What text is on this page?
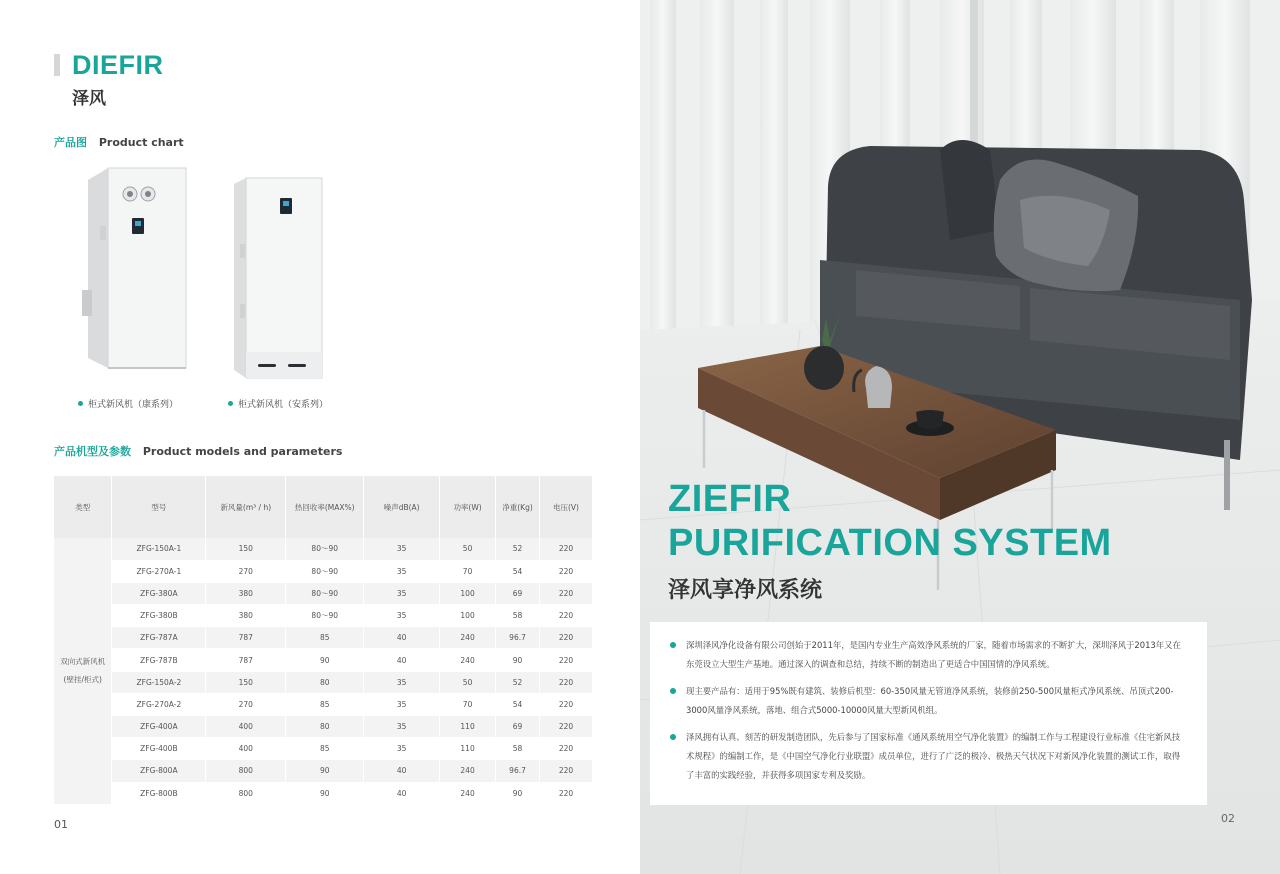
DIEFIR
泽风
产品图 Product chart
柜式新风机（康系列）	柜式新风机（安系列）
产品机型及参数 Product models and parameters
类型	型号	新风量(m³ / h)	热回收率(MAX%)	噪声dB(A)	功率(W)	净重(Kg)	电压(V)

双向式新风机
(壁挂/柜式)	ZFG-150A-1	150	80～90	35	50	52	220
	ZFG-270A-1	270	80～90	35	70	54	220
	ZFG-380A	380	80～90	35	100	69	220
	ZFG-380B	380	80～90	35	100	58	220
	ZFG-787A	787	85	40	240	96.7	220
	ZFG-787B	787	90	40	240	90	220
	ZFG-150A-2	150	80	35	50	52	220
	ZFG-270A-2	270	85	35	70	54	220
	ZFG-400A	400	80	35	110	69	220
	ZFG-400B	400	85	35	110	58	220
	ZFG-800A	800	90	40	240	96.7	220
	ZFG-800B	800	90	40	240	90	220
01
ZIEFIR
PURIFICATION SYSTEM
泽风享净风系统
深圳泽风净化设备有限公司创始于2011年，是国内专业生产高效净风系统的厂家，随着市场需求的不断扩大，深圳泽风于2013年又在东莞设立大型生产基地。通过深入的调查和总结，持续不断的制造出了更适合中国国情的净风系统。
现主要产品有：适用于95%既有建筑、装修后机型：60-350风量无管道净风系统，装修前250-500风量柜式净风系统、吊顶式200-3000风量净风系统，落地、组合式5000-10000风量大型新风机组。
泽风拥有认真、刻苦的研发制造团队，先后参与了国家标准《通风系统用空气净化装置》的编制工作与工程建设行业标准《住宅新风技术规程》的编制工作，是《中国空气净化行业联盟》成员单位，进行了广泛的极冷、极热天气状况下对新风净化装置的测试工作，取得了丰富的实践经验，并获得多项国家专利及奖励。
02
